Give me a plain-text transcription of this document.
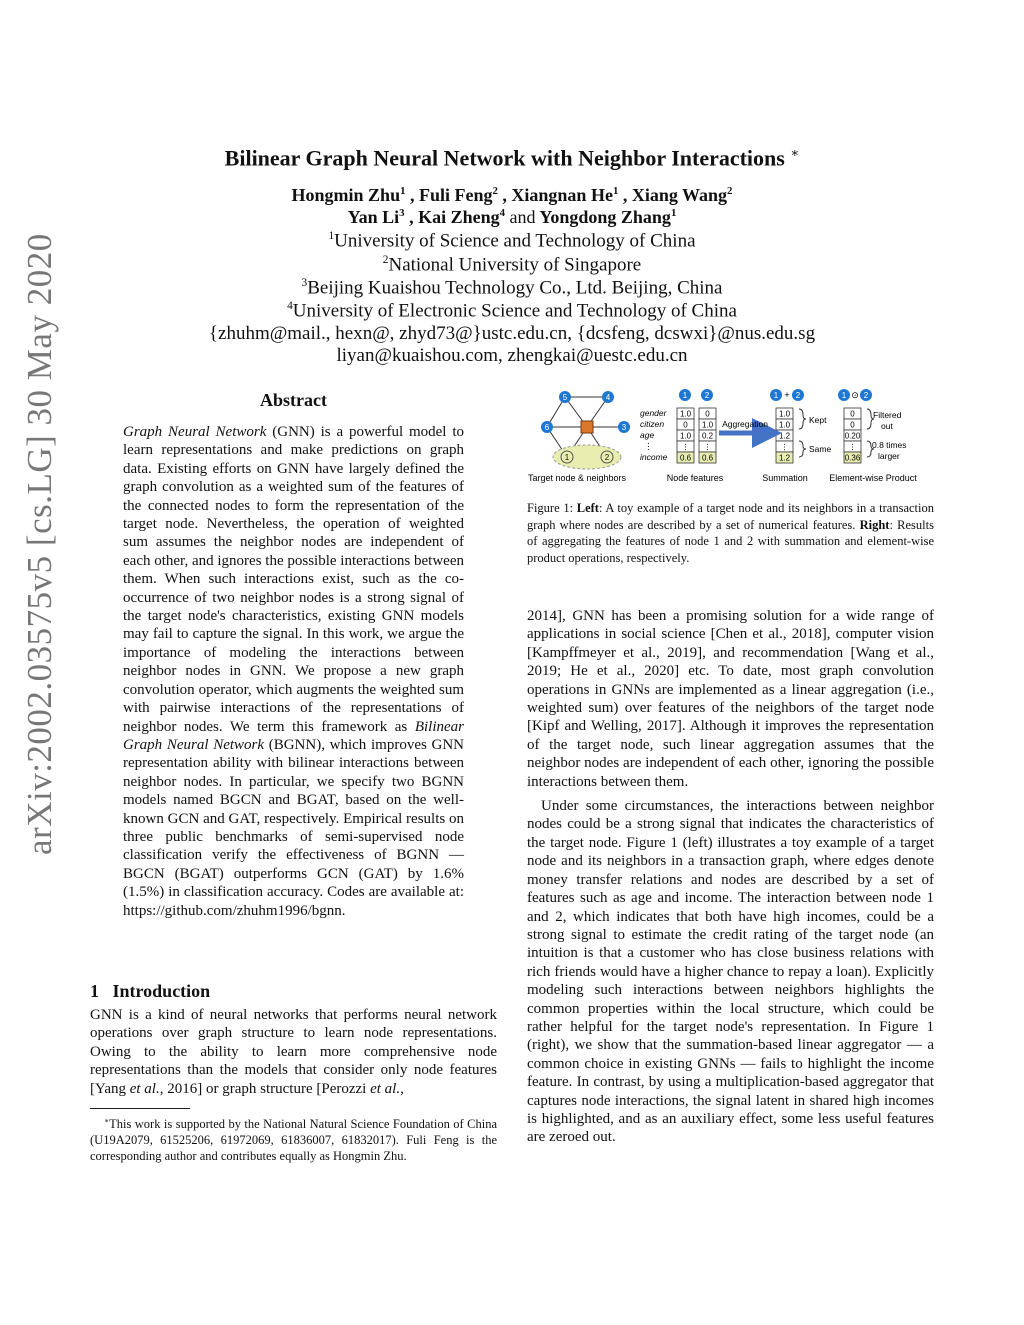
arXiv:2002.03575v5 [cs.LG] 30 May 2020
Bilinear Graph Neural Network with Neighbor Interactions ∗
Hongmin Zhu$^1$ , Fuli Feng$^2$ , Xiangnan He$^1$ , Xiang Wang$^2$
Yan Li$^3$ , Kai Zheng$^4$ and Yongdong Zhang$^1$
$^1$University of Science and Technology of China
$^2$National University of Singapore
$^3$Beijing Kuaishou Technology Co., Ltd. Beijing, China
$^4$University of Electronic Science and Technology of China
{zhuhm@mail., hexn@, zhyd73@}ustc.edu.cn, {dcsfeng, dcswxi}@nus.edu.sg
liyan@kuaishou.com, zhengkai@uestc.edu.cn
Abstract

Graph Neural Network (GNN) is a powerful model to learn representations and make predictions on graph data. Existing efforts on GNN have largely defined the graph convolution as a weighted sum of the features of the connected nodes to form the representation of the target node. Nevertheless, the operation of weighted sum assumes the neighbor nodes are independent of each other, and ignores the possible interactions between them. When such interactions exist, such as the co-occurrence of two neighbor nodes is a strong signal of the target node's characteristics, existing GNN models may fail to capture the signal. In this work, we argue the importance of modeling the interactions between neighbor nodes in GNN. We propose a new graph convolution operator, which augments the weighted sum with pairwise interactions of the representations of neighbor nodes. We term this framework as Bilinear Graph Neural Network (BGNN), which improves GNN representation ability with bilinear interactions between neighbor nodes. In particular, we specify two BGNN models named BGCN and BGAT, based on the well-known GCN and GAT, respectively. Empirical results on three public benchmarks of semi-supervised node classification verify the effectiveness of BGNN — BGCN (BGAT) outperforms GCN (GAT) by 1.6% (1.5%) in classification accuracy. Codes are available at: https://github.com/zhuhm1996/bgnn.

1 Introduction

GNN is a kind of neural networks that performs neural network operations over graph structure to learn node representations. Owing to the ability to learn more comprehensive node representations than the models that consider only node features [Yang et al., 2016] or graph structure [Perozzi et al.,

∗This work is supported by the National Natural Science Foundation of China (U19A2079, 61525206, 61972069, 61836007, 61832017). Fuli Feng is the corresponding author and contributes equally as Hongmin Zhu.

5	4
6	3
1	2
Target node & neighbors
gender
citizen
age
⋮
income
1 2
1.0
0
1.0
⋮
0.6
0
1.0
0.2
⋮
0.6
1.0
1.0
1.2
⋮
1.2
0
0
0.20
⋮
0.36
Node features
Aggregation
1 + 2
Kept
Same
Summation
1 ⊙ 2
Filtered
out
0.8 times
larger
Element-wise Product

Figure 1: Left: A toy example of a target node and its neighbors in a transaction graph where nodes are described by a set of numerical features. Right: Results of aggregating the features of node 1 and 2 with summation and element-wise product operations, respectively.

2014], GNN has been a promising solution for a wide range of applications in social science [Chen et al., 2018], computer vision [Kampffmeyer et al., 2019], and recommendation [Wang et al., 2019; He et al., 2020] etc. To date, most graph convolution operations in GNNs are implemented as a linear aggregation (i.e., weighted sum) over features of the neighbors of the target node [Kipf and Welling, 2017]. Although it improves the representation of the target node, such linear aggregation assumes that the neighbor nodes are independent of each other, ignoring the possible interactions between them.

Under some circumstances, the interactions between neighbor nodes could be a strong signal that indicates the characteristics of the target node. Figure 1 (left) illustrates a toy example of a target node and its neighbors in a transaction graph, where edges denote money transfer relations and nodes are described by a set of features such as age and income. The interaction between node 1 and 2, which indicates that both have high incomes, could be a strong signal to estimate the credit rating of the target node (an intuition is that a customer who has close business relations with rich friends would have a higher chance to repay a loan). Explicitly modeling such interactions between neighbors highlights the common properties within the local structure, which could be rather helpful for the target node's representation. In Figure 1 (right), we show that the summation-based linear aggregator — a common choice in existing GNNs — fails to highlight the income feature. In contrast, by using a multiplication-based aggregator that captures node interactions, the signal latent in shared high incomes is highlighted, and as an auxiliary effect, some less useful features are zeroed out.
